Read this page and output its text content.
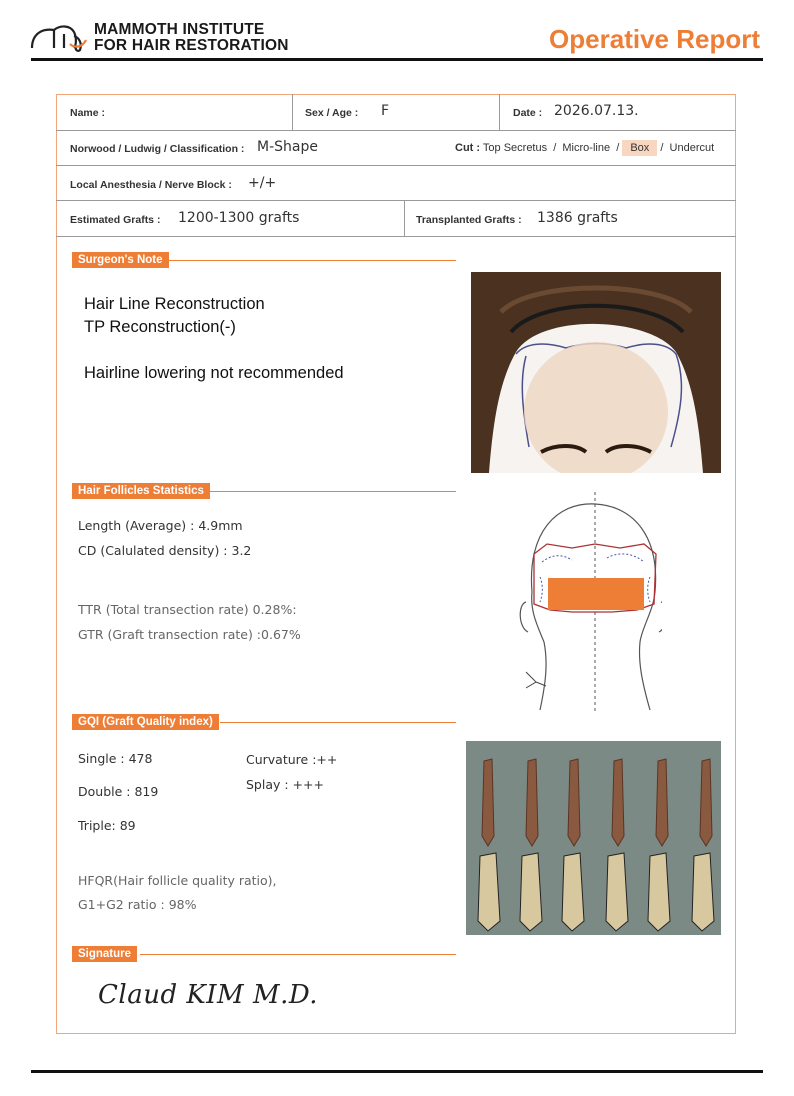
MAMMOTH INSTITUTE
FOR HAIR RESTORATION	Operative Report
Name :	Sex / Age : F	Date : 2026.07.13.
Norwood / Ludwig / Classification : M-Shape	Cut : Top Secretus  /  Micro-line  / Box /  Undercut
Local Anesthesia / Nerve Block : +/+
Estimated Grafts : 1200-1300 grafts	Transplanted Grafts : 1386 grafts
Surgeon's Note
Hair Line Reconstruction
TP Reconstruction(-)
Hairline lowering not recommended
Hair Follicles Statistics
Length (Average) : 4.9mm
CD (Calulated density) : 3.2
TTR (Total transection rate) 0.28%:
GTR (Graft transection rate) :0.67%
GQI (Graft Quality index)
Single : 478
Double : 819
Triple: 89
Curvature :++
Splay : +++
HFQR(Hair follicle quality ratio),
G1+G2 ratio : 98%
Signature
Claud KIM M.D.
